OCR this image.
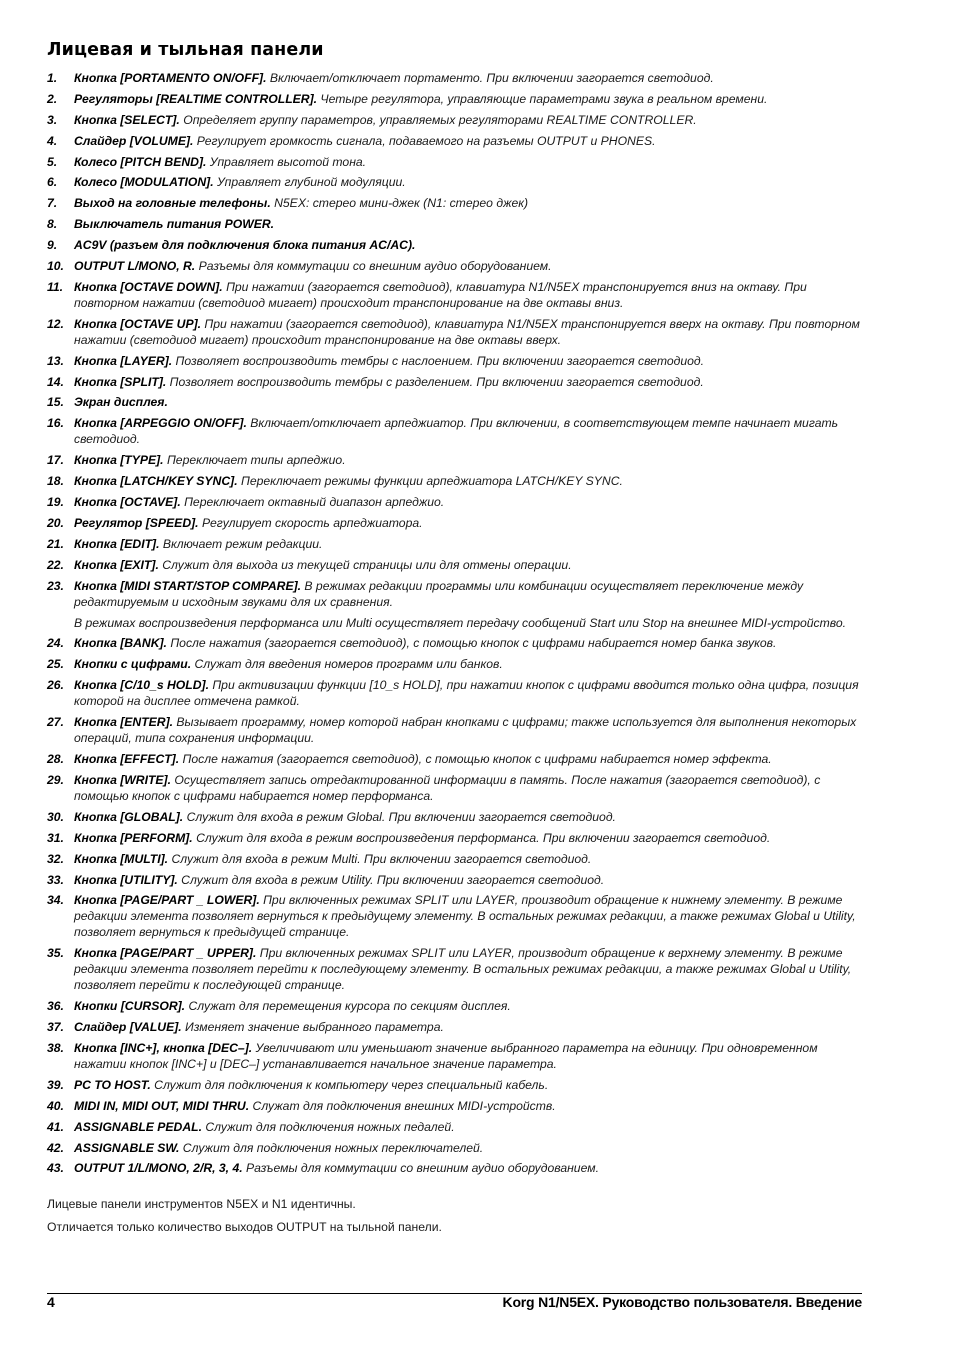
Лицевая и тыльная панели
1. Кнопка [PORTAMENTO ON/OFF]. Включает/отключает портаменто. При включении загорается светодиод.
2. Регуляторы [REALTIME CONTROLLER]. Четыре регулятора, управляющие параметрами звука в реальном времени.
3. Кнопка [SELECT]. Определяет группу параметров, управляемых регуляторами REALTIME CONTROLLER.
4. Слайдер [VOLUME]. Регулирует громкость сигнала, подаваемого на разъемы OUTPUT и PHONES.
5. Колесо [PITCH BEND]. Управляет высотой тона.
6. Колесо [MODULATION]. Управляет глубиной модуляции.
7. Выход на головные телефоны. N5EX: стерео мини-джек (N1: стерео джек)
8. Выключатель питания POWER.
9. AC9V (разъем для подключения блока питания AC/AC).
10. OUTPUT L/MONO, R. Разъемы для коммутации со внешним аудио оборудованием.
11. Кнопка [OCTAVE DOWN]. При нажатии (загорается светодиод), клавиатура N1/N5EX транспонируется вниз на октаву. При повторном нажатии (светодиод мигает) происходит транспонирование на две октавы вниз.
12. Кнопка [OCTAVE UP]. При нажатии (загорается светодиод), клавиатура N1/N5EX транспонируется вверх на октаву. При повторном нажатии (светодиод мигает) происходит транспонирование на две октавы вверх.
13. Кнопка [LAYER]. Позволяет воспроизводить тембры с наслоением. При включении загорается светодиод.
14. Кнопка [SPLIT]. Позволяет воспроизводить тембры с разделением. При включении загорается светодиод.
15. Экран дисплея.
16. Кнопка [ARPEGGIO ON/OFF]. Включает/отключает арпеджиатор. При включении, в соответствующем темпе начинает мигать светодиод.
17. Кнопка [TYPE]. Переключает типы арпеджио.
18. Кнопка [LATCH/KEY SYNC]. Переключает режимы функции арпеджиатора LATCH/KEY SYNC.
19. Кнопка [OCTAVE]. Переключает октавный диапазон арпеджио.
20. Регулятор [SPEED]. Регулирует скорость арпеджиатора.
21. Кнопка [EDIT]. Включает режим редакции.
22. Кнопка [EXIT]. Служит для выхода из текущей страницы или для отмены операции.
23. Кнопка [MIDI START/STOP COMPARE]. В режимах редакции программы или комбинации осуществляет переключение между редактируемым и исходным звуками для их сравнения.
В режимах воспроизведения перформанса или Multi осуществляет передачу сообщений Start или Stop на внешнее MIDI-устройство.
24. Кнопка [BANK]. После нажатия (загорается светодиод), с помощью кнопок с цифрами набирается номер банка звуков.
25. Кнопки с цифрами. Служат для введения номеров программ или банков.
26. Кнопка [C/10_s HOLD]. При активизации функции [10_s HOLD], при нажатии кнопок с цифрами вводится только одна цифра, позиция которой на дисплее отмечена рамкой.
27. Кнопка [ENTER]. Вызывает программу, номер которой набран кнопками с цифрами; также используется для выполнения некоторых операций, типа сохранения информации.
28. Кнопка [EFFECT]. После нажатия (загорается светодиод), с помощью кнопок с цифрами набирается номер эффекта.
29. Кнопка [WRITE]. Осуществляет запись отредактированной информации в память. После нажатия (загорается светодиод), с помощью кнопок с цифрами набирается номер перформанса.
30. Кнопка [GLOBAL]. Служит для входа в режим Global. При включении загорается светодиод.
31. Кнопка [PERFORM]. Служит для входа в режим воспроизведения перформанса. При включении загорается светодиод.
32. Кнопка [MULTI]. Служит для входа в режим Multi. При включении загорается светодиод.
33. Кнопка [UTILITY]. Служит для входа в режим Utility. При включении загорается светодиод.
34. Кнопка [PAGE/PART _ LOWER]. При включенных режимах SPLIT или LAYER, производит обращение к нижнему элементу. В режиме редакции элемента позволяет вернуться к предыдущему элементу. В остальных режимах редакции, а также режимах Global и Utility, позволяет вернуться к предыдущей странице.
35. Кнопка [PAGE/PART _ UPPER]. При включенных режимах SPLIT или LAYER, производит обращение к верхнему элементу. В режиме редакции элемента позволяет перейти к последующему элементу. В остальных режимах редакции, а также режимах Global и Utility, позволяет перейти к последующей странице.
36. Кнопки [CURSOR]. Служат для перемещения курсора по секциям дисплея.
37. Слайдер [VALUE]. Изменяет значение выбранного параметра.
38. Кнопка [INC+], кнопка [DEC–]. Увеличивают или уменьшают значение выбранного параметра на единицу. При одновременном нажатии кнопок [INC+] и [DEC–] устанавливается начальное значение параметра.
39. PC TO HOST. Служит для подключения к компьютеру через специальный кабель.
40. MIDI IN, MIDI OUT, MIDI THRU. Служат для подключения внешних MIDI-устройств.
41. ASSIGNABLE PEDAL. Служит для подключения ножных педалей.
42. ASSIGNABLE SW. Служит для подключения ножных переключателей.
43. OUTPUT 1/L/MONO, 2/R, 3, 4. Разъемы для коммутации со внешним аудио оборудованием.

Лицевые панели инструментов N5EX и N1 идентичны.

Отличается только количество выходов OUTPUT на тыльной панели.

4	Korg N1/N5EX. Руководство пользователя. Введение
